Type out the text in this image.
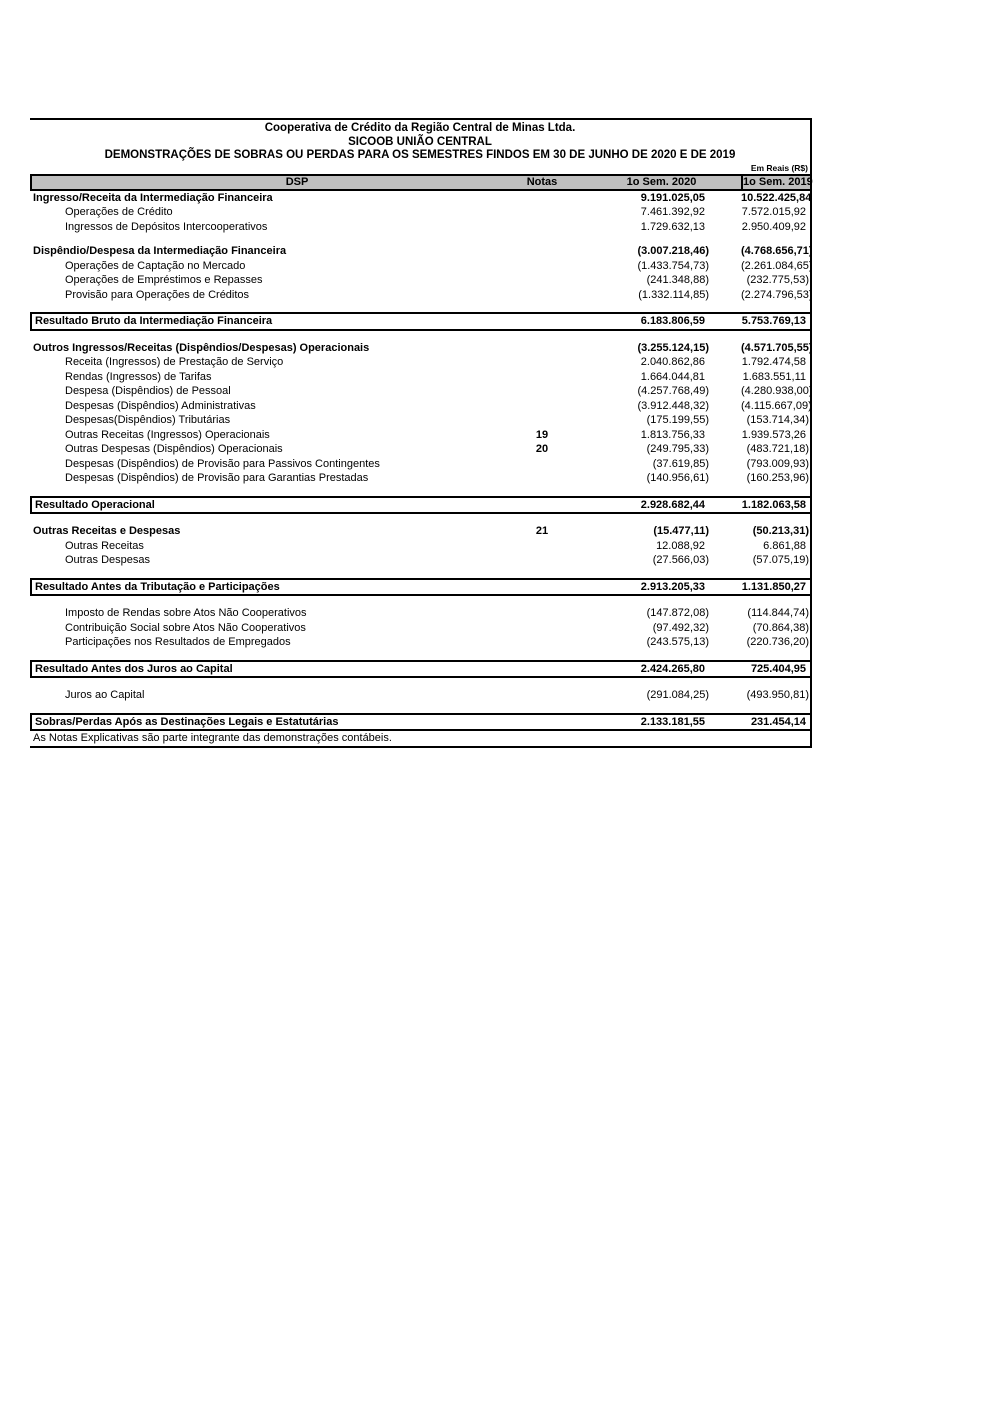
Cooperativa de Crédito da Região Central de Minas Ltda.
SICOOB UNIÃO CENTRAL
DEMONSTRAÇÕES DE SOBRAS OU PERDAS PARA OS SEMESTRES FINDOS EM 30 DE JUNHO DE 2020 E DE 2019
Em Reais (R$)
DSP	Notas	1o Sem. 2020	1o Sem. 2019
Ingresso/Receita da Intermediação Financeira	9.191.025,05	10.522.425,84
Operações de Crédito	7.461.392,92	7.572.015,92
Ingressos de Depósitos Intercooperativos	1.729.632,13	2.950.409,92
Dispêndio/Despesa da Intermediação Financeira	(3.007.218,46)	(4.768.656,71)
Operações de Captação no Mercado	(1.433.754,73)	(2.261.084,65)
Operações de Empréstimos e Repasses	(241.348,88)	(232.775,53)
Provisão para Operações de Créditos	(1.332.114,85)	(2.274.796,53)
Resultado Bruto da Intermediação Financeira	6.183.806,59	5.753.769,13
Outros Ingressos/Receitas (Dispêndios/Despesas) Operacionais	(3.255.124,15)	(4.571.705,55)
Receita (Ingressos) de Prestação de Serviço	2.040.862,86	1.792.474,58
Rendas (Ingressos) de Tarifas	1.664.044,81	1.683.551,11
Despesa (Dispêndios) de Pessoal	(4.257.768,49)	(4.280.938,00)
Despesas (Dispêndios) Administrativas	(3.912.448,32)	(4.115.667,09)
Despesas(Dispêndios) Tributárias	(175.199,55)	(153.714,34)
Outras Receitas (Ingressos) Operacionais	19	1.813.756,33	1.939.573,26
Outras Despesas (Dispêndios) Operacionais	20	(249.795,33)	(483.721,18)
Despesas (Dispêndios) de Provisão para Passivos Contingentes	(37.619,85)	(793.009,93)
Despesas (Dispêndios) de Provisão para Garantias Prestadas	(140.956,61)	(160.253,96)
Resultado Operacional	2.928.682,44	1.182.063,58
Outras Receitas e Despesas	21	(15.477,11)	(50.213,31)
Outras Receitas	12.088,92	6.861,88
Outras Despesas	(27.566,03)	(57.075,19)
Resultado Antes da Tributação e Participações	2.913.205,33	1.131.850,27
Imposto de Rendas sobre Atos Não Cooperativos	(147.872,08)	(114.844,74)
Contribuição Social sobre Atos Não Cooperativos	(97.492,32)	(70.864,38)
Participações nos Resultados de Empregados	(243.575,13)	(220.736,20)
Resultado Antes dos Juros ao Capital	2.424.265,80	725.404,95
Juros ao Capital	(291.084,25)	(493.950,81)
Sobras/Perdas Após as Destinações Legais e Estatutárias	2.133.181,55	231.454,14
As Notas Explicativas são parte integrante das demonstrações contábeis.
